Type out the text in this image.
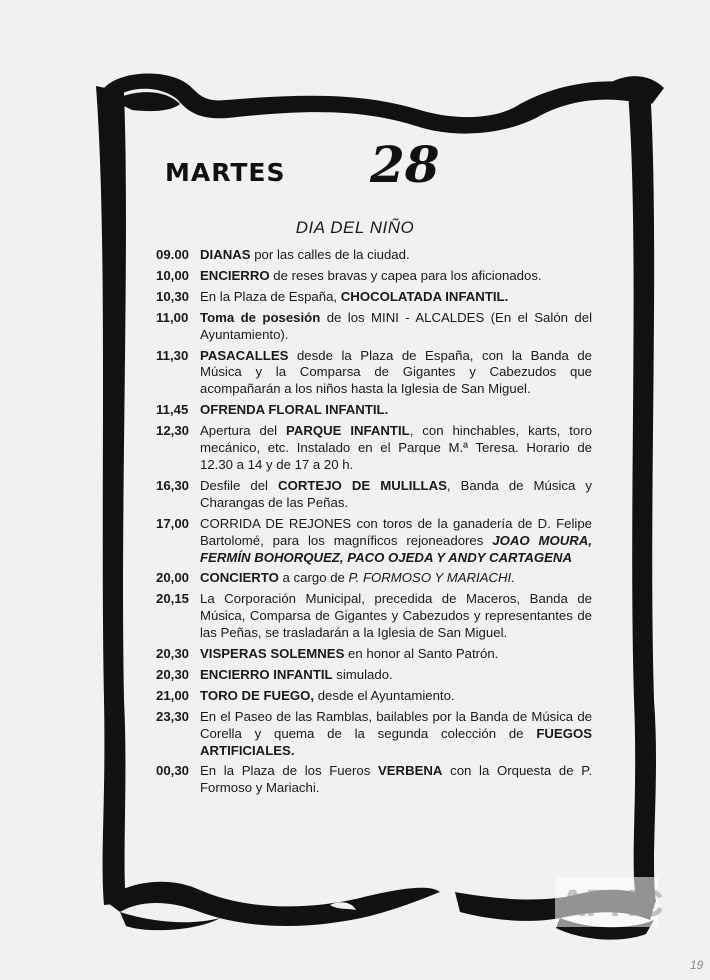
MARTES 28
DIA DEL NIÑO
09.00 DIANAS por las calles de la ciudad.
10,00 ENCIERRO de reses bravas y capea para los aficionados.
10,30 En la Plaza de España, CHOCOLATADA INFANTIL.
11,00 Toma de posesión de los MINI - ALCALDES (En el Salón del Ayuntamiento).
11,30 PASACALLES desde la Plaza de España, con la Banda de Música y la Comparsa de Gigantes y Cabezudos que acompañarán a los niños hasta la Iglesia de San Miguel.
11,45 OFRENDA FLORAL INFANTIL.
12,30 Apertura del PARQUE INFANTIL, con hinchables, karts, toro mecánico, etc. Instalado en el Parque M.ª Teresa. Horario de 12.30 a 14 y de 17 a 20 h.
16,30 Desfile del CORTEJO DE MULILLAS, Banda de Música y Charangas de las Peñas.
17,00 CORRIDA DE REJONES con toros de la ganadería de D. Felipe Bartolomé, para los magníficos rejoneadores JOAO MOURA, FERMÍN BOHORQUEZ, PACO OJEDA Y ANDY CARTAGENA
20,00 CONCIERTO a cargo de P. FORMOSO Y MARIACHI.
20,15 La Corporación Municipal, precedida de Maceros, Banda de Música, Comparsa de Gigantes y Cabezudos y representantes de las Peñas, se trasladarán a la Iglesia de San Miguel.
20,30 VISPERAS SOLEMNES en honor al Santo Patrón.
20,30 ENCIERRO INFANTIL simulado.
21,00 TORO DE FUEGO, desde el Ayuntamiento.
23,30 En el Paseo de las Ramblas, bailables por la Banda de Música de Corella y quema de la segunda colección de FUEGOS ARTIFICIALES.
00,30 En la Plaza de los Fueros VERBENA con la Orquesta de P. Formoso y Mariachi.
APHC
19
